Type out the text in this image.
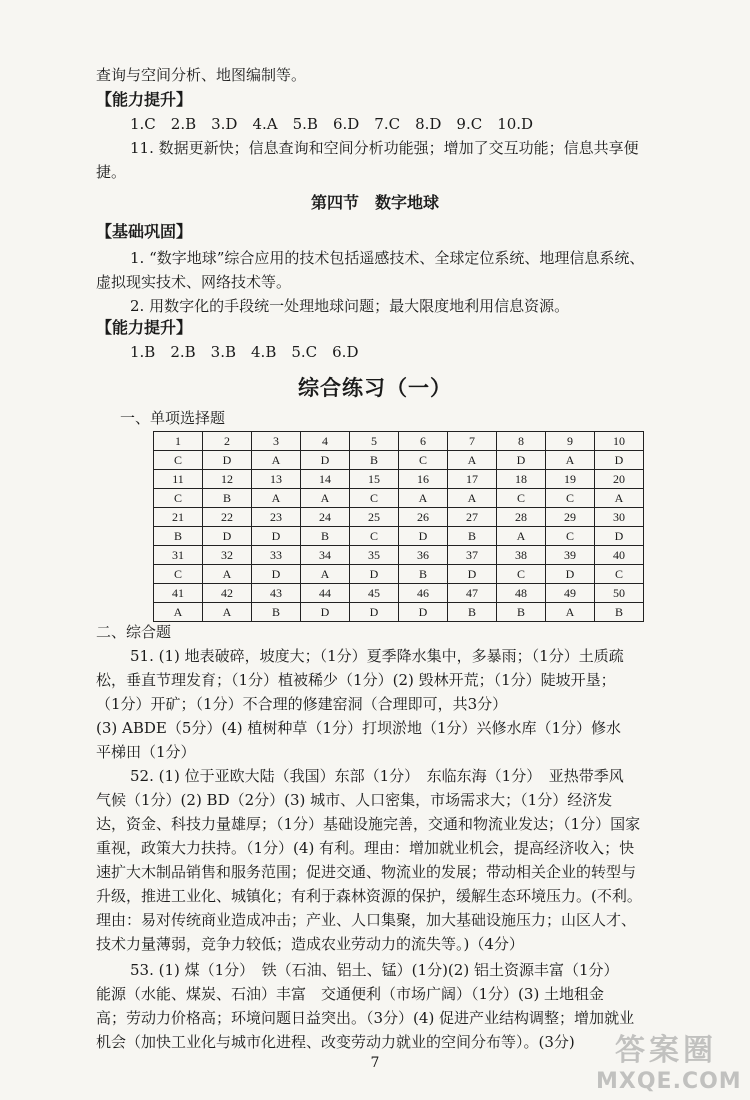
查询与空间分析、地图编制等。
【能力提升】
1.C　2.B　3.D　4.A　5.B　6.D　7.C　8.D　9.C　10.D
11. 数据更新快；信息查询和空间分析功能强；增加了交互功能；信息共享便
捷。
第四节　数字地球
【基础巩固】
1. “数字地球”综合应用的技术包括遥感技术、全球定位系统、地理信息系统、
虚拟现实技术、网络技术等。
2. 用数字化的手段统一处理地球问题；最大限度地利用信息资源。
【能力提升】
1.B　2.B　3.B　4.B　5.C　6.D
综合练习（一）
一、单项选择题
1	2	3	4	5	6	7	8	9	10
C	D	A	D	B	C	A	D	A	D
11	12	13	14	15	16	17	18	19	20
C	B	A	A	C	A	A	C	C	A
21	22	23	24	25	26	27	28	29	30
B	D	D	B	C	D	B	A	C	D
31	32	33	34	35	36	37	38	39	40
C	A	D	A	D	B	D	C	D	C
41	42	43	44	45	46	47	48	49	50
A	A	B	D	D	D	B	B	A	B
二、综合题
51. (1) 地表破碎，坡度大；（1分）夏季降水集中，多暴雨；（1分）土质疏
松，垂直节理发育；（1分）植被稀少（1分）(2) 毁林开荒；（1分）陡坡开垦；
（1分）开矿；（1分）不合理的修建窑洞（合理即可，共3分）
(3) ABDE（5分）(4) 植树种草（1分）打坝淤地（1分）兴修水库（1分）修水
平梯田（1分）
52. (1) 位于亚欧大陆（我国）东部（1分）　东临东海（1分）　亚热带季风
气候（1分）(2) BD（2分）(3) 城市、人口密集，市场需求大；（1分）经济发
达，资金、科技力量雄厚；（1分）基础设施完善，交通和物流业发达；（1分）国家
重视，政策大力扶持。（1分）(4) 有利。理由：增加就业机会，提高经济收入；快
速扩大木制品销售和服务范围；促进交通、物流业的发展；带动相关企业的转型与
升级，推进工业化、城镇化；有利于森林资源的保护，缓解生态环境压力。(不利。
理由：易对传统商业造成冲击；产业、人口集聚，加大基础设施压力；山区人才、
技术力量薄弱，竞争力较低；造成农业劳动力的流失等。)（4分）
53. (1) 煤（1分）　铁（石油、铝土、锰）(1分)(2) 铝土资源丰富（1分）
能源（水能、煤炭、石油）丰富　交通便利（市场广阔）（1分）(3) 土地租金
高；劳动力价格高；环境问题日益突出。（3分）(4) 促进产业结构调整；增加就业
机会（加快工业化与城市化进程、改变劳动力就业的空间分布等）。(3分)
7	答案圈
MXQE.COM
